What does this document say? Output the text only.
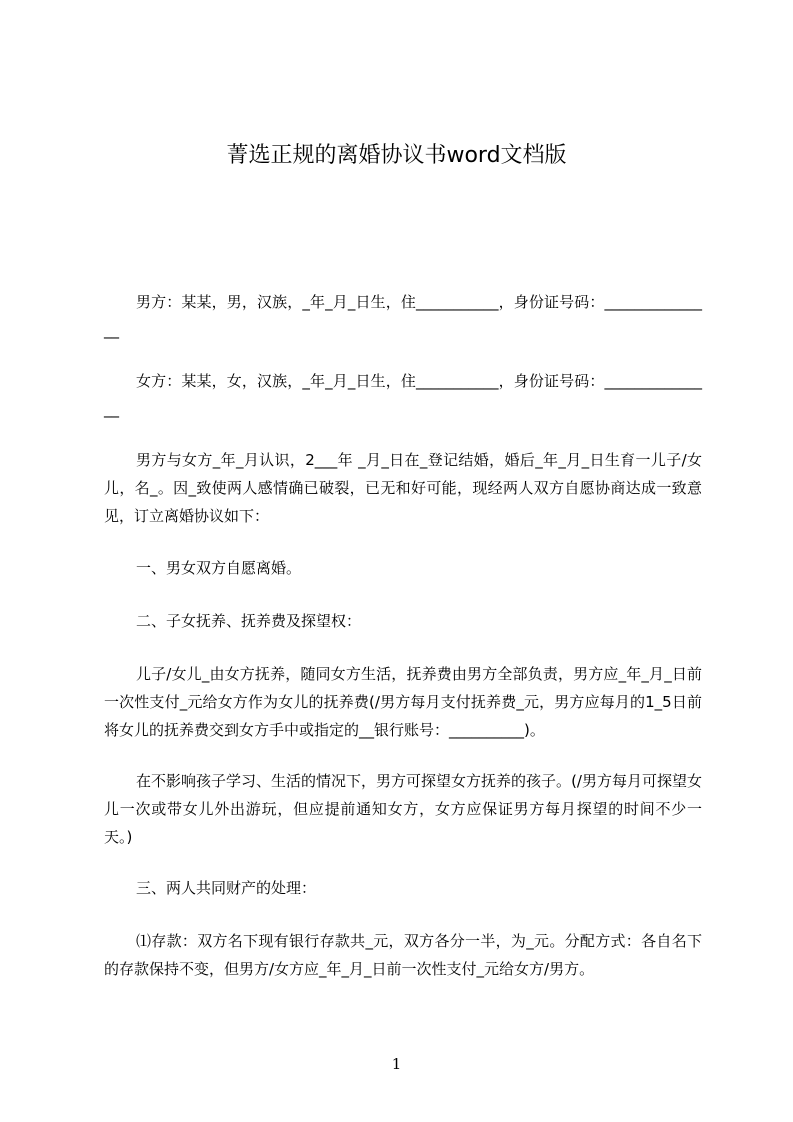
菁选正规的离婚协议书word文档版

男方：某某，男，汉族，_年_月_日生，住___________，身份证号码：_______________

女方：某某，女，汉族，_年_月_日生，住___________，身份证号码：_______________

男方与女方_年_月认识，2___年 _月_日在_登记结婚，婚后_年_月_日生育一儿子/女儿，名_。因_致使两人感情确已破裂，已无和好可能，现经两人双方自愿协商达成一致意见，订立离婚协议如下：

一、男女双方自愿离婚。

二、子女抚养、抚养费及探望权：

儿子/女儿_由女方抚养，随同女方生活，抚养费由男方全部负责，男方应_年_月_日前一次性支付_元给女方作为女儿的抚养费(/男方每月支付抚养费_元，男方应每月的1_5日前将女儿的抚养费交到女方手中或指定的__银行账号：__________)。

在不影响孩子学习、生活的情况下，男方可探望女方抚养的孩子。(/男方每月可探望女儿一次或带女儿外出游玩，但应提前通知女方，女方应保证男方每月探望的时间不少一天。)

三、两人共同财产的处理：

⑴存款：双方名下现有银行存款共_元，双方各分一半，为_元。分配方式：各自名下的存款保持不变，但男方/女方应_年_月_日前一次性支付_元给女方/男方。

1
